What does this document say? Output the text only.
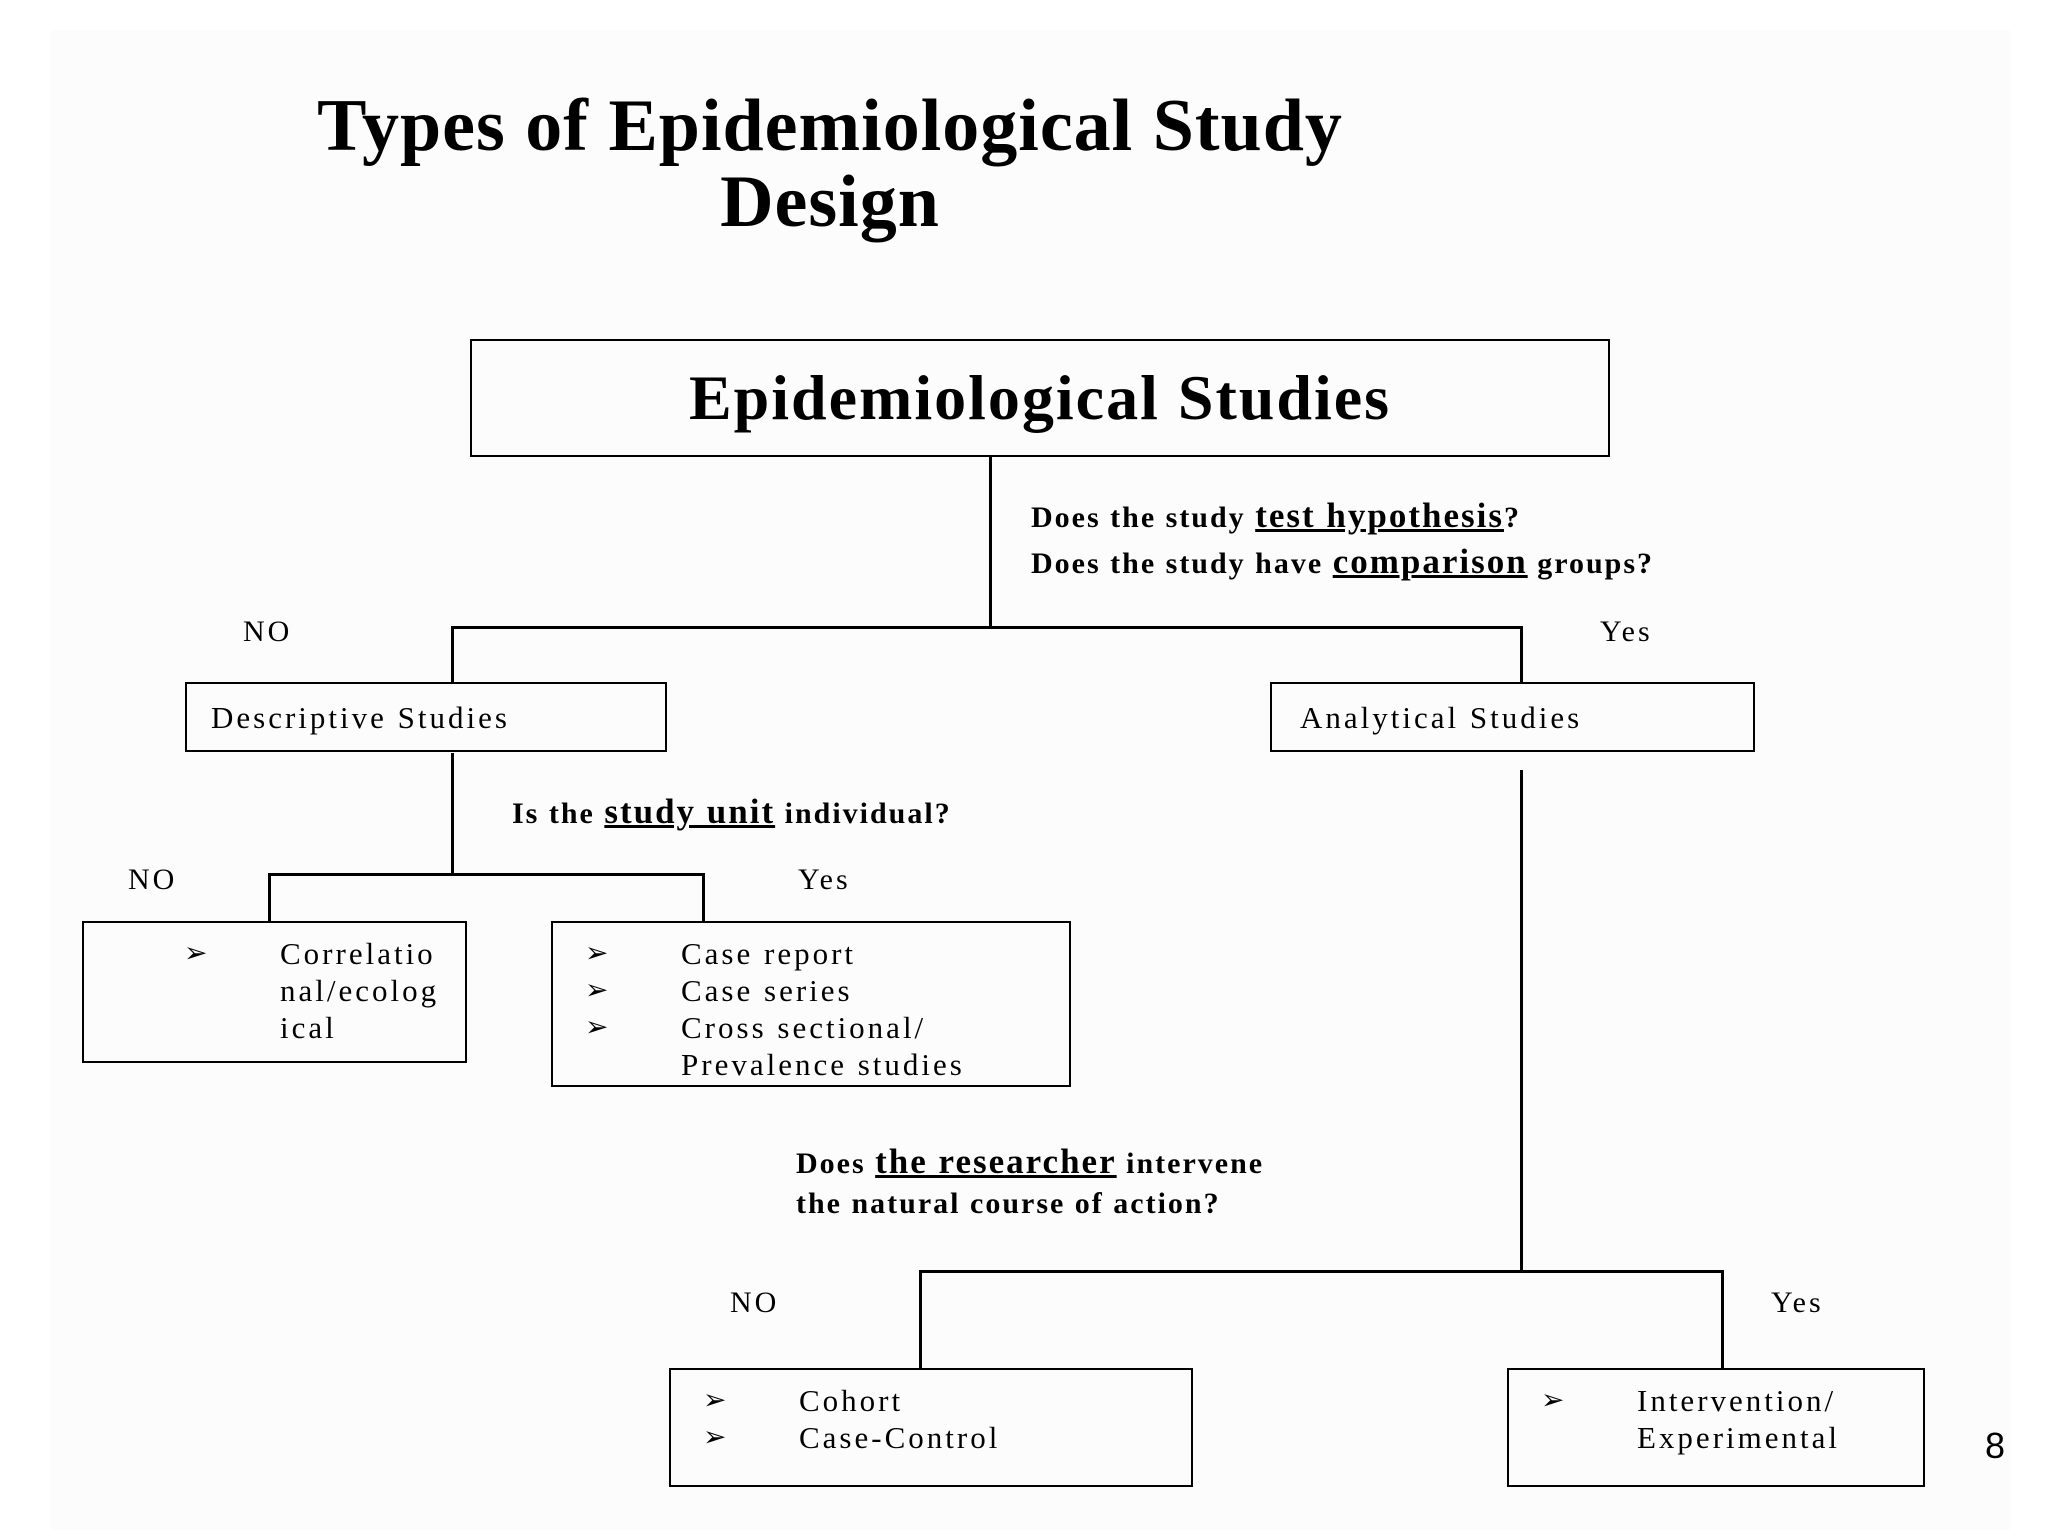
Types of Epidemiological Study
Design
Epidemiological Studies
Does the study test hypothesis?
Does the study have comparison groups?
NO	Yes
Descriptive Studies	Analytical Studies
Is the study unit individual?
NO	Yes
➢
Correlatio
nal/ecolog
ical
➢
Case report
➢
Case series
➢
Cross sectional/
Prevalence studies
Does the researcher intervene
the natural course of action?
NO	Yes
➢
Cohort
➢
Case-Control
➢
Intervention/
Experimental	8
